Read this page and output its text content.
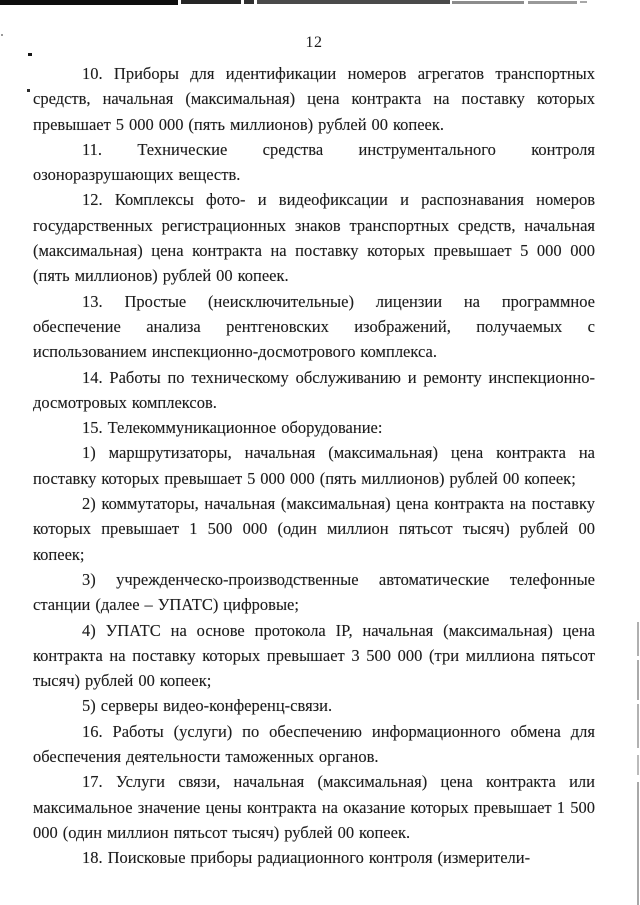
12

10. Приборы для идентификации номеров агрегатов транспортных средств, начальная (максимальная) цена контракта на поставку которых превышает 5 000 000 (пять миллионов) рублей 00 копеек.

11. Технические средства инструментального контроля озоноразрушающих веществ.

12. Комплексы фото- и видеофиксации и распознавания номеров государственных регистрационных знаков транспортных средств, начальная (максимальная) цена контракта на поставку которых превышает 5 000 000 (пять миллионов) рублей 00 копеек.

13. Простые (неисключительные) лицензии на программное обеспечение анализа рентгеновских изображений, получаемых с использованием инспекционно-досмотрового комплекса.

14. Работы по техническому обслуживанию и ремонту инспекционно-досмотровых комплексов.

15. Телекоммуникационное оборудование:

1) маршрутизаторы, начальная (максимальная) цена контракта на поставку которых превышает 5 000 000 (пять миллионов) рублей 00 копеек;

2) коммутаторы, начальная (максимальная) цена контракта на поставку которых превышает 1 500 000 (один миллион пятьсот тысяч) рублей 00 копеек;

3) учрежденческо-производственные автоматические телефонные станции (далее – УПАТС) цифровые;

4) УПАТС на основе протокола IP, начальная (максимальная) цена контракта на поставку которых превышает 3 500 000 (три миллиона пятьсот тысяч) рублей 00 копеек;

5) серверы видео-конференц-связи.

16. Работы (услуги) по обеспечению информационного обмена для обеспечения деятельности таможенных органов.

17. Услуги связи, начальная (максимальная) цена контракта или максимальное значение цены контракта на оказание которых превышает 1 500 000 (один миллион пятьсот тысяч) рублей 00 копеек.

18. Поисковые приборы радиационного контроля (измерители-
